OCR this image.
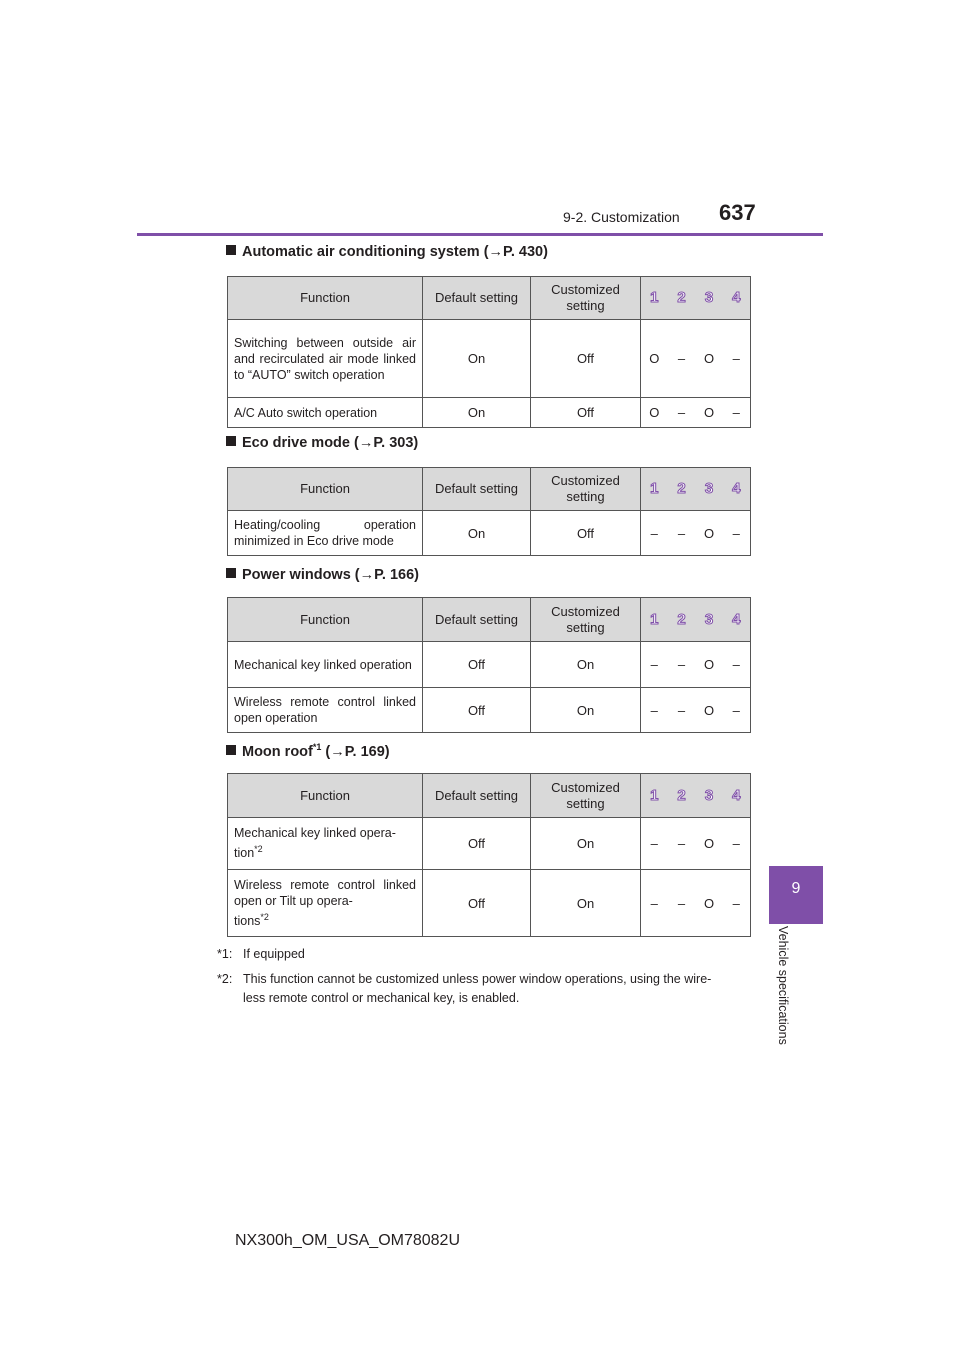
9-2. Customization 637
9
Vehicle specifications
Automatic air conditioning system (→P. 430)
Function	Default setting	Customized setting	1	2	3	4
Switching between outside air and recirculated air mode linked to “AUTO” switch operation	On	Off	O	–	O	–
A/C Auto switch operation	On	Off	O	–	O	–
Eco drive mode (→P. 303)
Function	Default setting	Customized setting	1	2	3	4
Heating/cooling operation minimized in Eco drive mode	On	Off	–	–	O	–
Power windows (→P. 166)
Function	Default setting	Customized setting	1	2	3	4
Mechanical key linked operation	Off	On	–	–	O	–
Wireless remote control linked open operation	Off	On	–	–	O	–
Moon roof$^{*1}$ (→P. 169)
Function	Default setting	Customized setting	1	2	3	4
Mechanical key linked opera-
tion$^{*2}$	Off	On	–	–	O	–
Wireless remote control linked open or Tilt up opera-
tions$^{*2}$	Off	On	–	–	O	–
*1: If equipped
*2: This function cannot be customized unless power window operations, using the wire-
less remote control or mechanical key, is enabled.
NX300h_OM_USA_OM78082U
